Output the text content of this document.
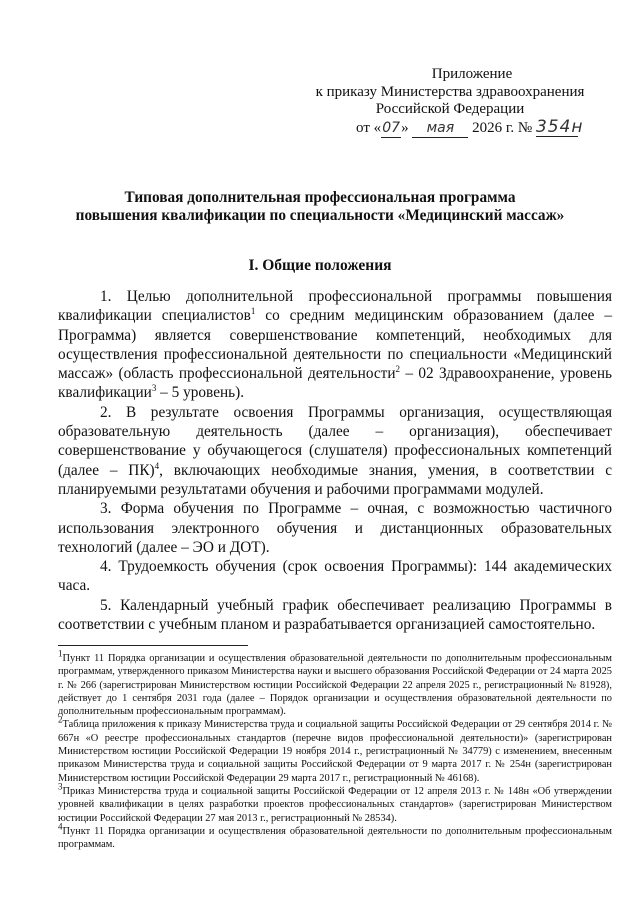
Приложение
к приказу Министерства здравоохранения
Российской Федерации
от «07» мая 2026 г. № 354н
Типовая дополнительная профессиональная программа
повышения квалификации по специальности «Медицинский массаж»
I. Общие положения

1. Целью дополнительной профессиональной программы повышения квалификации специалистов$^1$ со средним медицинским образованием (далее – Программа) является совершенствование компетенций, необходимых для осуществления профессиональной деятельности по специальности «Медицинский массаж» (область профессиональной деятельности$^2$ – 02 Здравоохранение, уровень квалификации$^3$ – 5 уровень).

2. В результате освоения Программы организация, осуществляющая образовательную деятельность (далее – организация), обеспечивает совершенствование у обучающегося (слушателя) профессиональных компетенций (далее – ПК)$^4$, включающих необходимые знания, умения, в соответствии с планируемыми результатами обучения и рабочими программами модулей.

3. Форма обучения по Программе – очная, с возможностью частичного использования электронного обучения и дистанционных образовательных технологий (далее – ЭО и ДОТ).

4. Трудоемкость обучения (срок освоения Программы): 144 академических часа.

5. Календарный учебный график обеспечивает реализацию Программы в соответствии с учебным планом и разрабатывается организацией самостоятельно.

$^1$Пункт 11 Порядка организации и осуществления образовательной деятельности по дополнительным профессиональным программам, утвержденного приказом Министерства науки и высшего образования Российской Федерации от 24 марта 2025 г. № 266 (зарегистрирован Министерством юстиции Российской Федерации 22 апреля 2025 г., регистрационный № 81928), действует до 1 сентября 2031 года (далее – Порядок организации и осуществления образовательной деятельности по дополнительным профессиональным программам).

$^2$Таблица приложения к приказу Министерства труда и социальной защиты Российской Федерации от 29 сентября 2014 г. № 667н «О реестре профессиональных стандартов (перечне видов профессиональной деятельности)» (зарегистрирован Министерством юстиции Российской Федерации 19 ноября 2014 г., регистрационный № 34779) с изменением, внесенным приказом Министерства труда и социальной защиты Российской Федерации от 9 марта 2017 г. № 254н (зарегистрирован Министерством юстиции Российской Федерации 29 марта 2017 г., регистрационный № 46168).

$^3$Приказ Министерства труда и социальной защиты Российской Федерации от 12 апреля 2013 г. № 148н «Об утверждении уровней квалификации в целях разработки проектов профессиональных стандартов» (зарегистрирован Министерством юстиции Российской Федерации 27 мая 2013 г., регистрационный № 28534).

$^4$Пункт 11 Порядка организации и осуществления образовательной деятельности по дополнительным профессиональным программам.
